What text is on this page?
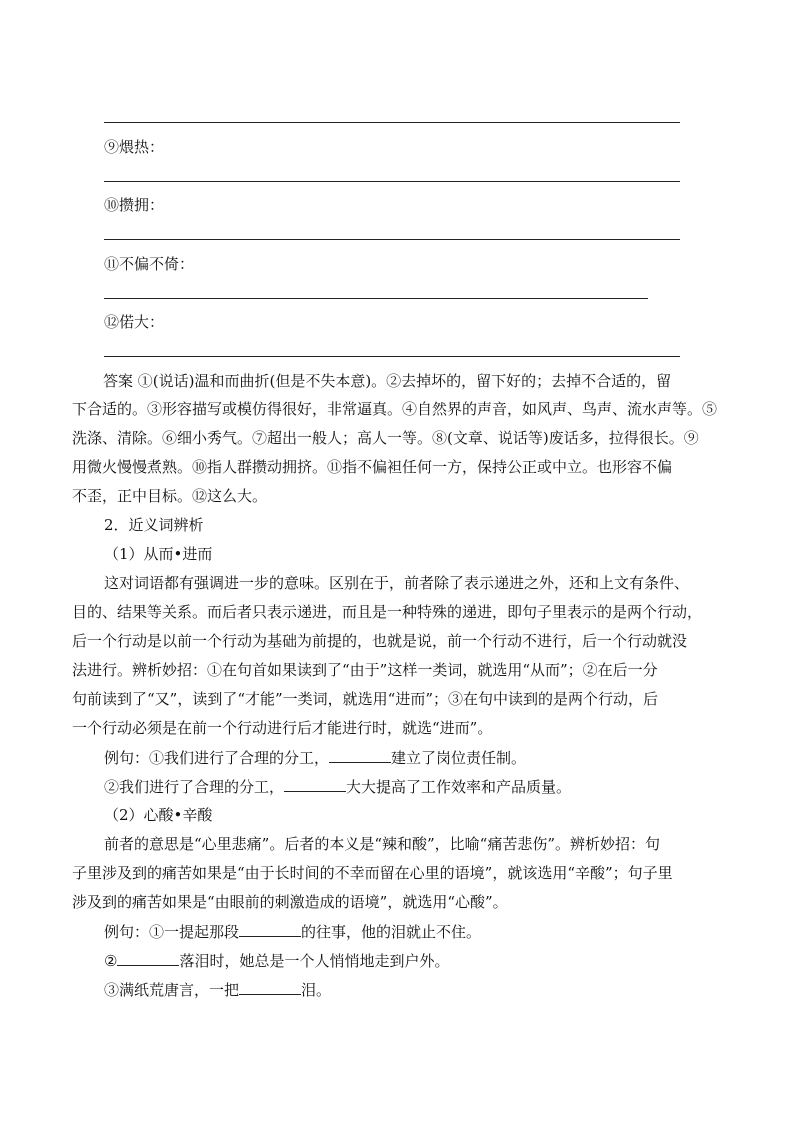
⑨煨热：
⑩攒拥：
⑪不偏不倚：
⑫偌大：
答案 ①(说话)温和而曲折(但是不失本意)。②去掉坏的，留下好的；去掉不合适的，留
下合适的。③形容描写或模仿得很好，非常逼真。④自然界的声音，如风声、鸟声、流水声等。⑤
洗涤、清除。⑥细小秀气。⑦超出一般人；高人一等。⑧(文章、说话等)废话多，拉得很长。⑨
用微火慢慢煮熟。⑩指人群攒动拥挤。⑪指不偏袒任何一方，保持公正或中立。也形容不偏
不歪，正中目标。⑫这么大。
2．近义词辨析
（1）从而•进而
这对词语都有强调进一步的意味。区别在于，前者除了表示递进之外，还和上文有条件、
目的、结果等关系。而后者只表示递进，而且是一种特殊的递进，即句子里表示的是两个行动，
后一个行动是以前一个行动为基础为前提的，也就是说，前一个行动不进行，后一个行动就没
法进行。辨析妙招：①在句首如果读到了“由于”这样一类词，就选用“从而”；②在后一分
句前读到了“又”，读到了“才能”一类词，就选用“进而”；③在句中读到的是两个行动，后
一个行动必须是在前一个行动进行后才能进行时，就选“进而”。
例句：①我们进行了合理的分工，	建立了岗位责任制。
②我们进行了合理的分工，	大大提高了工作效率和产品质量。
（2）心酸•辛酸
前者的意思是“心里悲痛”。后者的本义是“辣和酸”，比喻“痛苦悲伤”。辨析妙招：句
子里涉及到的痛苦如果是“由于长时间的不幸而留在心里的语境”，就该选用“辛酸”；句子里
涉及到的痛苦如果是“由眼前的刺激造成的语境”，就选用“心酸”。
例句：①一提起那段	的往事，他的泪就止不住。
②	落泪时，她总是一个人悄悄地走到户外。
③满纸荒唐言，一把	泪。
